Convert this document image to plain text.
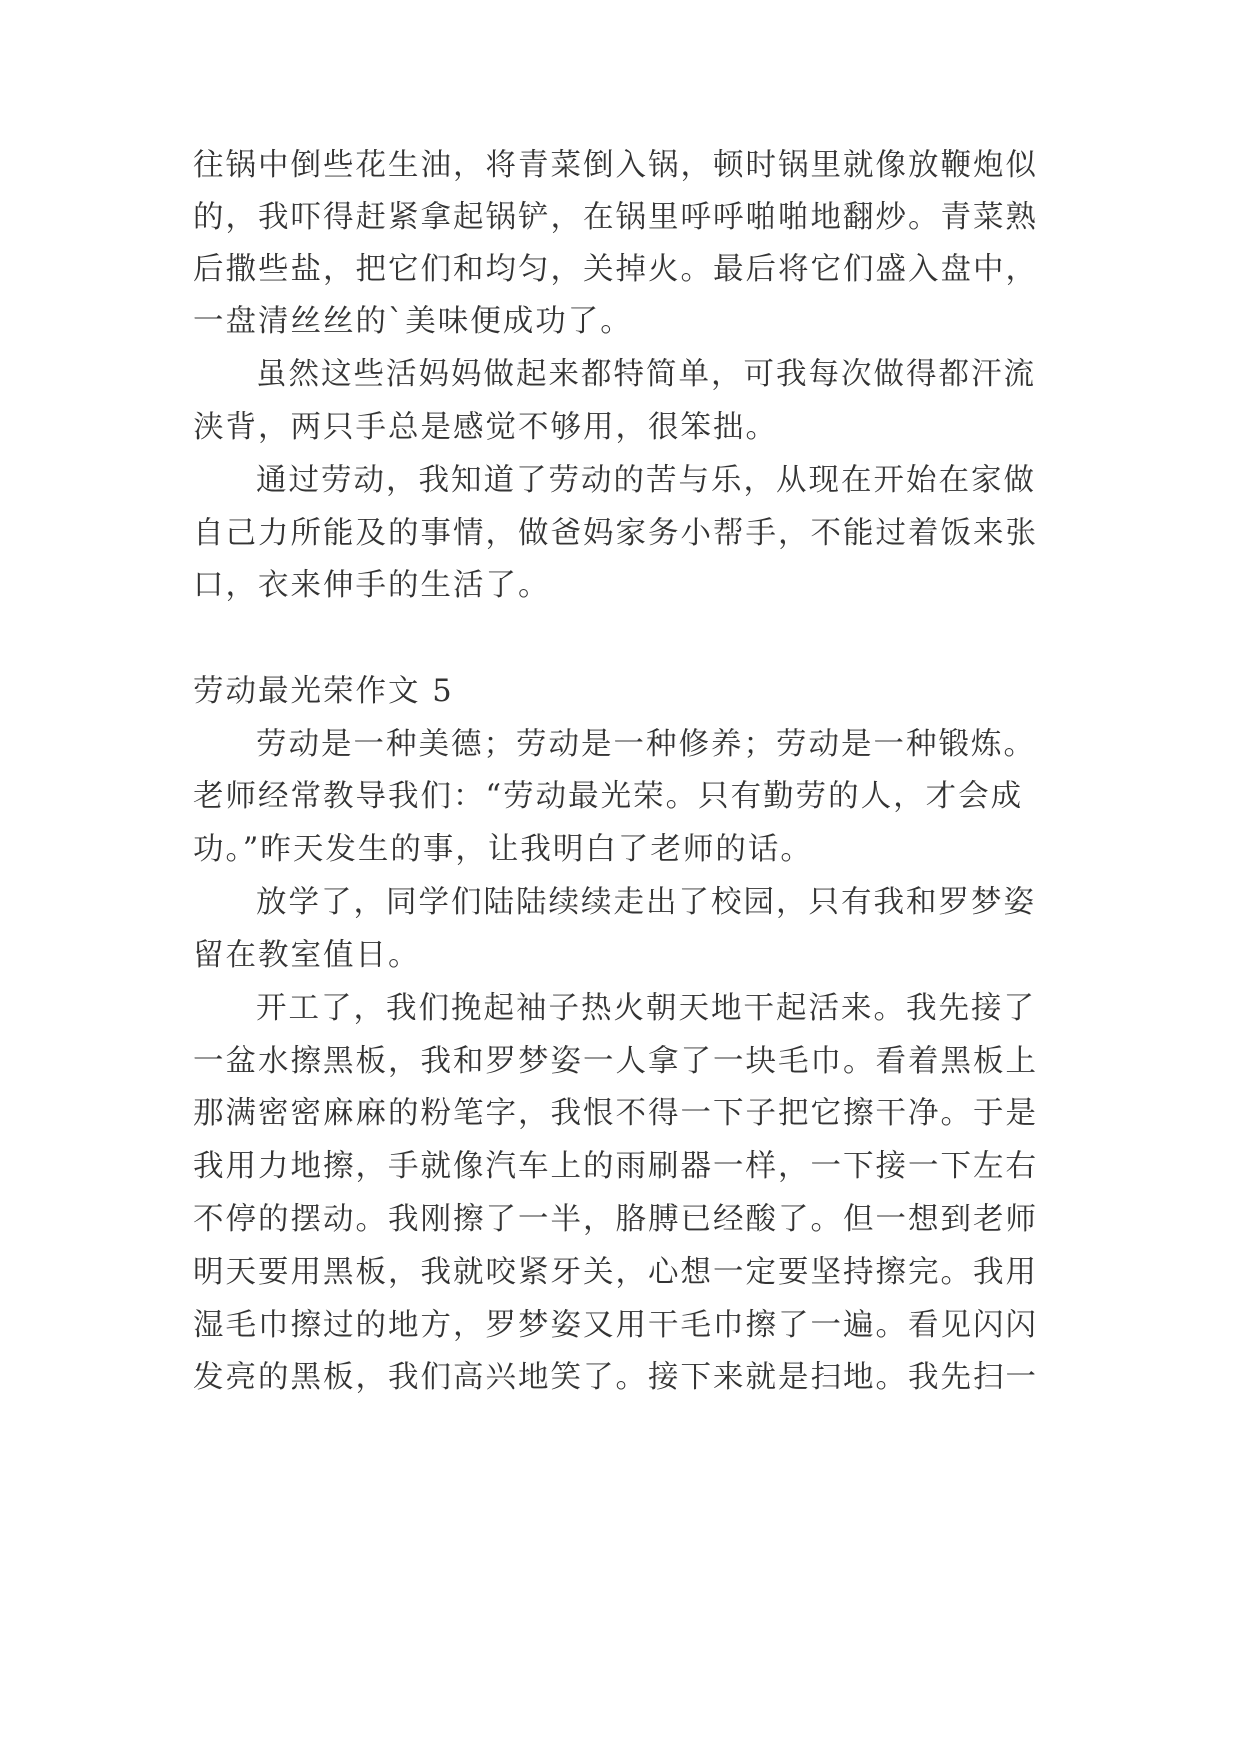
往锅中倒些花生油，将青菜倒入锅，顿时锅里就像放鞭炮似
的，我吓得赶紧拿起锅铲，在锅里呼呼啪啪地翻炒。青菜熟
后撒些盐，把它们和均匀，关掉火。最后将它们盛入盘中，
一盘清丝丝的`美味便成功了。
虽然这些活妈妈做起来都特简单，可我每次做得都汗流
浃背，两只手总是感觉不够用，很笨拙。
通过劳动，我知道了劳动的苦与乐，从现在开始在家做
自己力所能及的事情，做爸妈家务小帮手，不能过着饭来张
口，衣来伸手的生活了。
劳动最光荣作文 5
劳动是一种美德；劳动是一种修养；劳动是一种锻炼。
老师经常教导我们：“劳动最光荣。只有勤劳的人，才会成
功。”昨天发生的事，让我明白了老师的话。
放学了，同学们陆陆续续走出了校园，只有我和罗梦姿
留在教室值日。
开工了，我们挽起袖子热火朝天地干起活来。我先接了
一盆水擦黑板，我和罗梦姿一人拿了一块毛巾。看着黑板上
那满密密麻麻的粉笔字，我恨不得一下子把它擦干净。于是
我用力地擦，手就像汽车上的雨刷器一样，一下接一下左右
不停的摆动。我刚擦了一半，胳膊已经酸了。但一想到老师
明天要用黑板，我就咬紧牙关，心想一定要坚持擦完。我用
湿毛巾擦过的地方，罗梦姿又用干毛巾擦了一遍。看见闪闪
发亮的黑板，我们高兴地笑了。接下来就是扫地。我先扫一
